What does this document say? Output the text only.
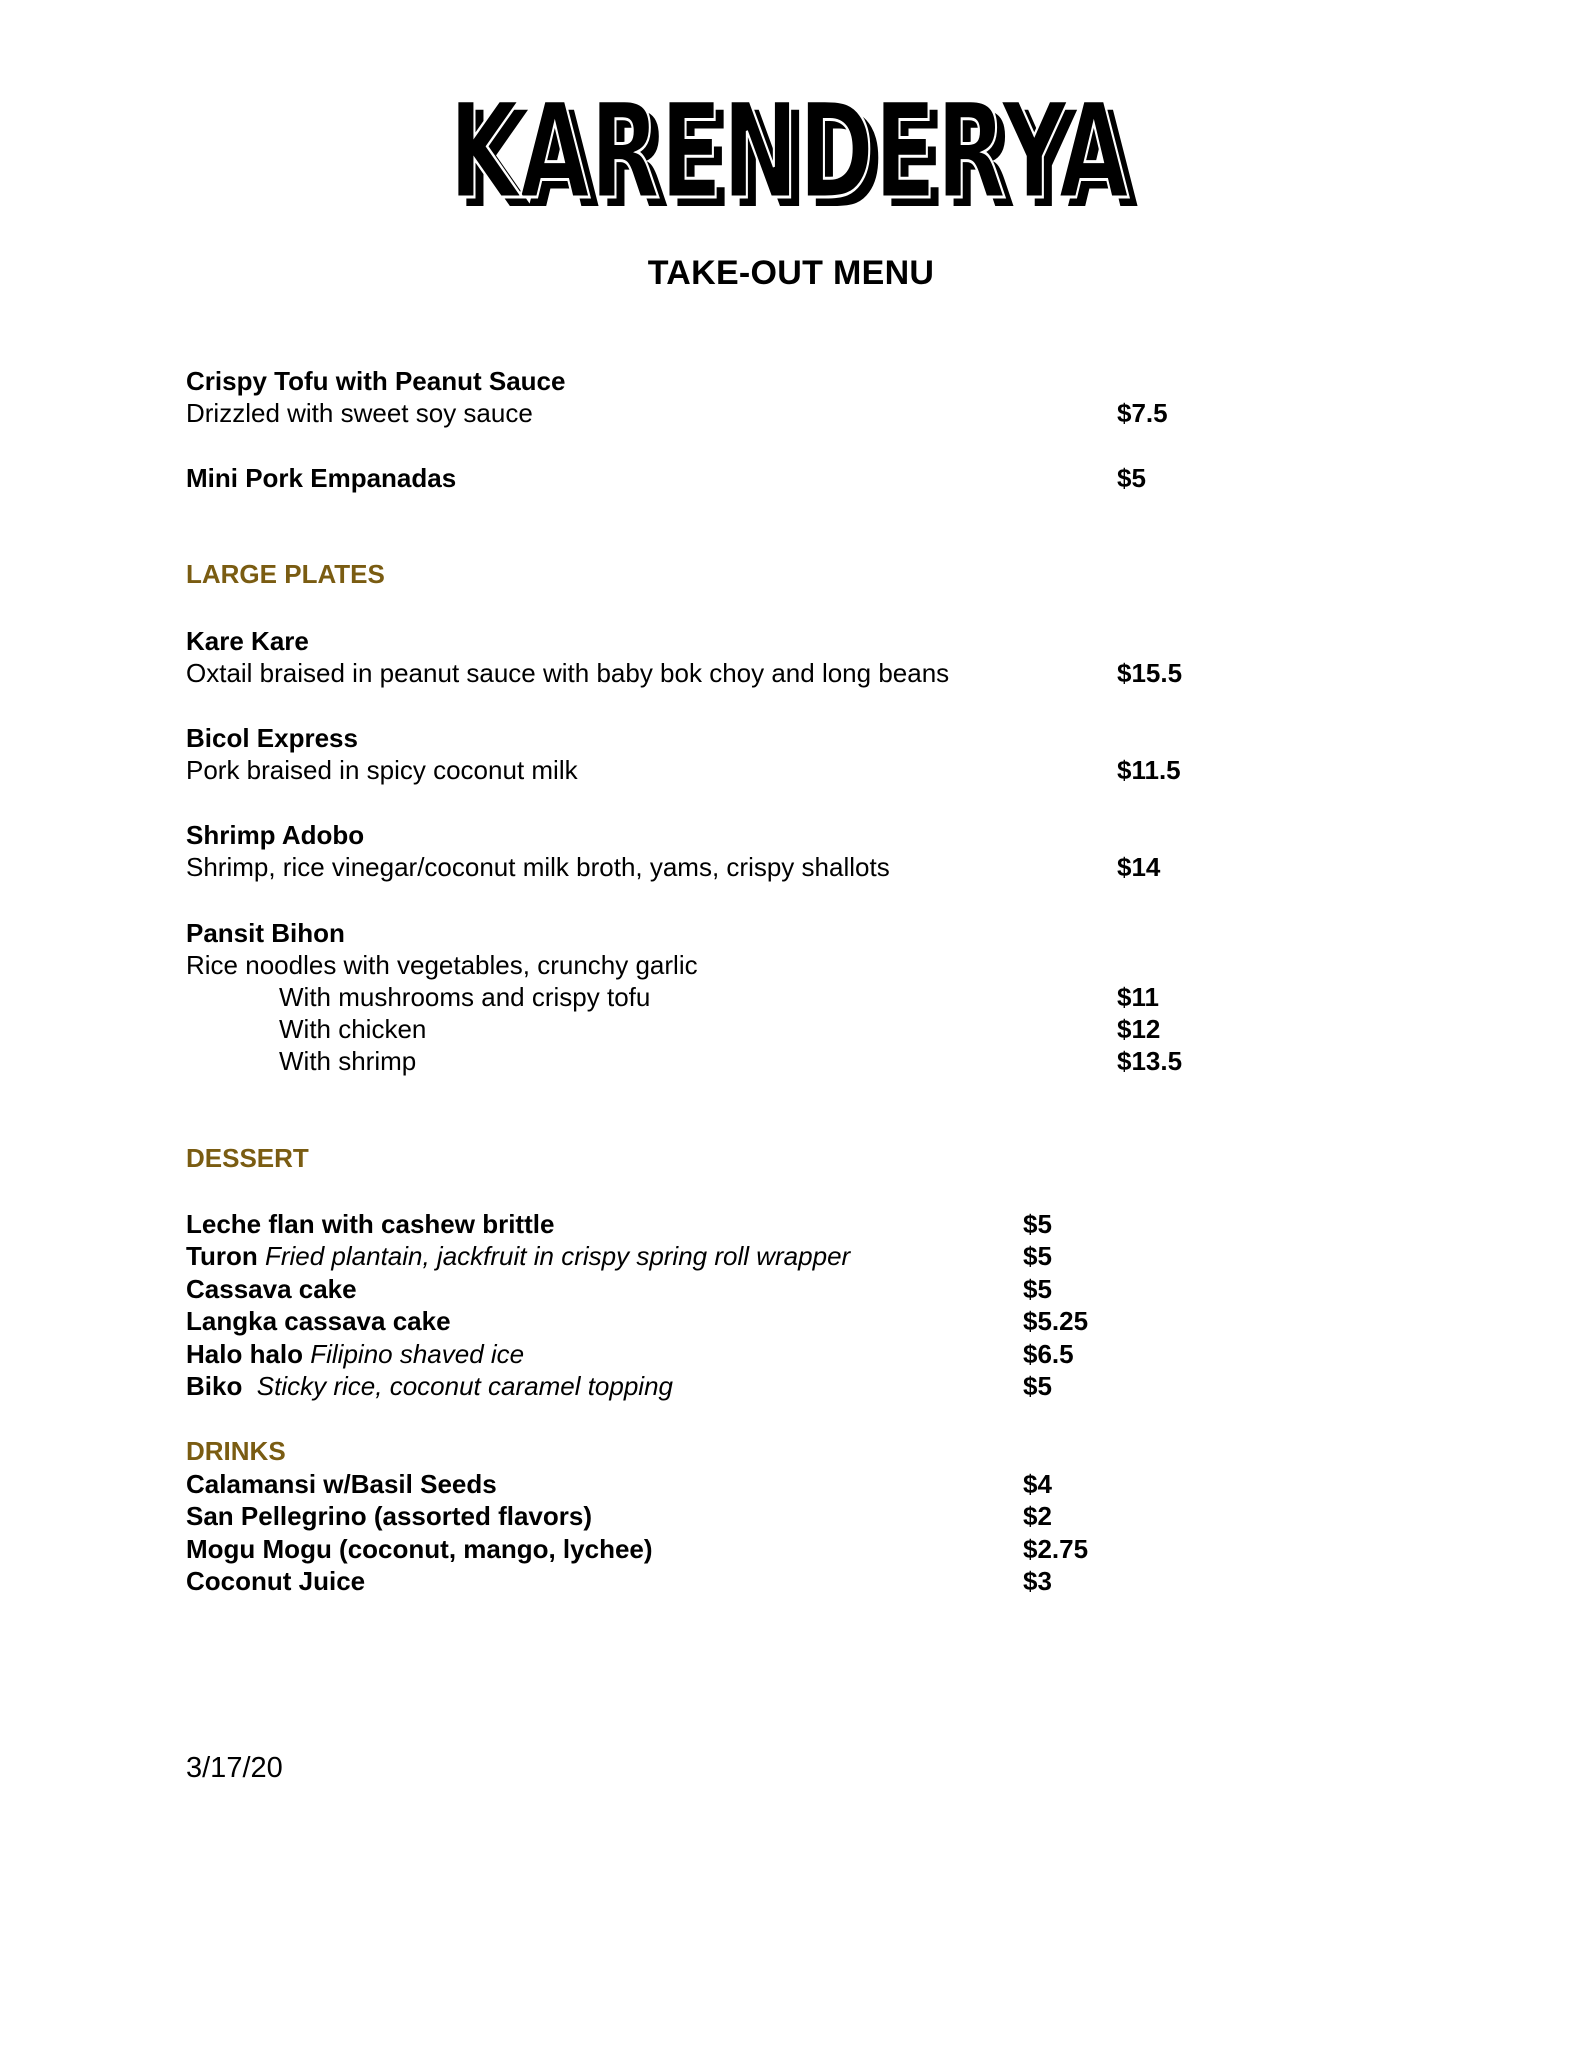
KARENDERYA
KARENDERYA
TAKE-OUT MENU
Crispy Tofu with Peanut Sauce
Drizzled with sweet soy sauce	$7.5
Mini Pork Empanadas	$5
LARGE PLATES
Kare Kare
Oxtail braised in peanut sauce with baby bok choy and long beans	$15.5
Bicol Express
Pork braised in spicy coconut milk	$11.5
Shrimp Adobo
Shrimp, rice vinegar/coconut milk broth, yams, crispy shallots	$14
Pansit Bihon
Rice noodles with vegetables, crunchy garlic
With mushrooms and crispy tofu	$11
With chicken	$12
With shrimp	$13.5
DESSERT
Leche flan with cashew brittle	$5
Turon Fried plantain, jackfruit in crispy spring roll wrapper	$5
Cassava cake	$5
Langka cassava cake	$5.25
Halo halo Filipino shaved ice	$6.5
Biko Sticky rice, coconut caramel topping	$5
DRINKS
Calamansi w/Basil Seeds	$4
San Pellegrino (assorted flavors)	$2
Mogu Mogu (coconut, mango, lychee)	$2.75
Coconut Juice	$3
3/17/20
